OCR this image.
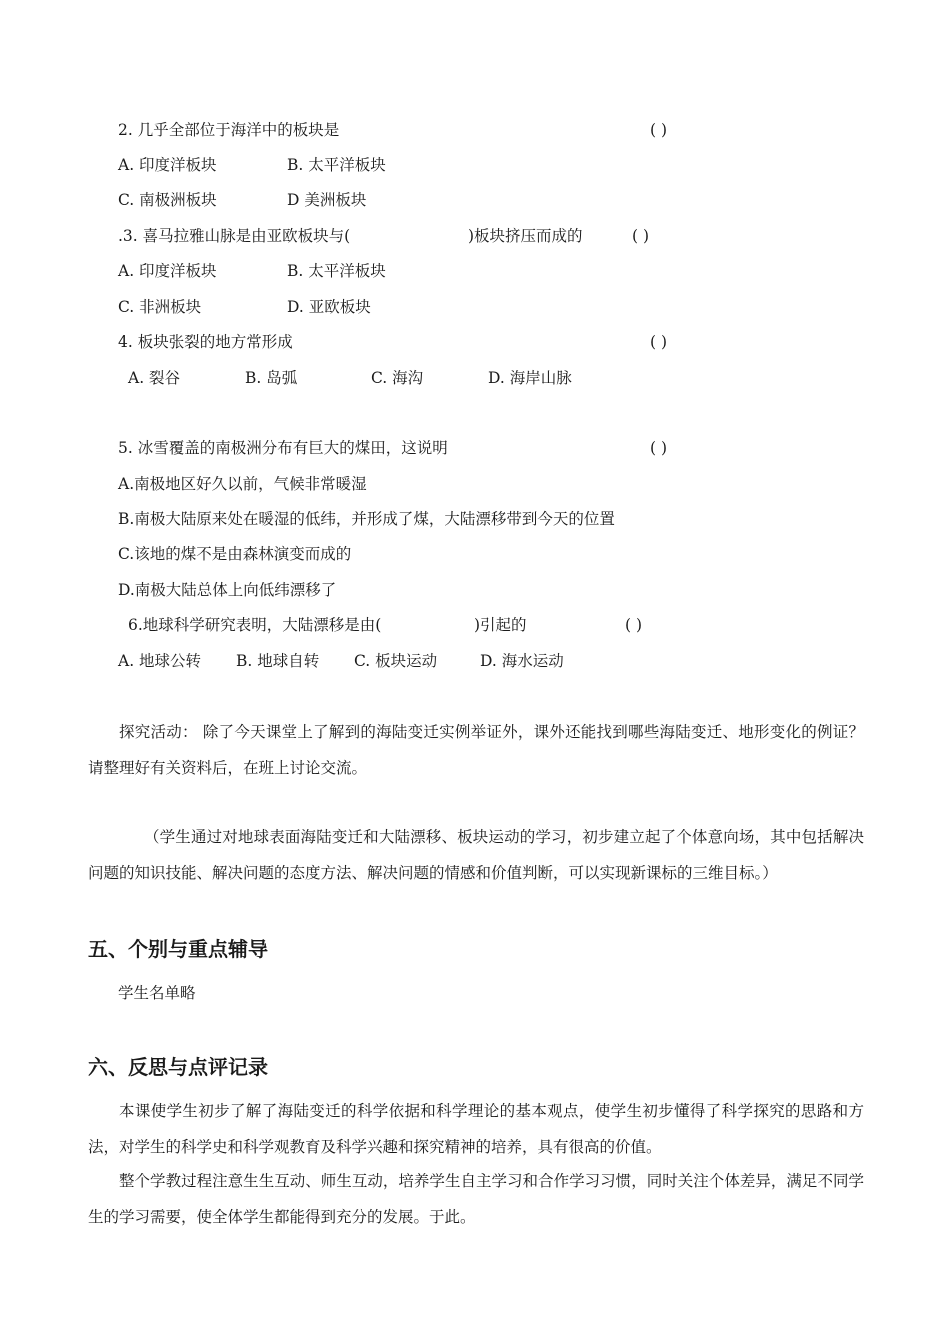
2. 几乎全部位于海洋中的板块是	( )
A. 印度洋板块	B. 太平洋板块
C. 南极洲板块	D 美洲板块
.3. 喜马拉雅山脉是由亚欧板块与(	)板块挤压而成的	( )
A. 印度洋板块	B. 太平洋板块
C. 非洲板块	D. 亚欧板块
4. 板块张裂的地方常形成	( )
A. 裂谷	B. 岛弧	C. 海沟	D. 海岸山脉
5. 冰雪覆盖的南极洲分布有巨大的煤田，这说明	( )
A.南极地区好久以前，气候非常暖湿
B.南极大陆原来处在暖湿的低纬，并形成了煤，大陆漂移带到今天的位置
C.该地的煤不是由森林演变而成的
D.南极大陆总体上向低纬漂移了
6.地球科学研究表明，大陆漂移是由(	)引起的	( )
A. 地球公转 B. 地球自转 C. 板块运动	D. 海水运动
探究活动： 除了今天课堂上了解到的海陆变迁实例举证外，课外还能找到哪些海陆变迁、地形变化的例证？请整理好有关资料后，在班上讨论交流。
（学生通过对地球表面海陆变迁和大陆漂移、板块运动的学习，初步建立起了个体意向场，其中包括解决问题的知识技能、解决问题的态度方法、解决问题的情感和价值判断，可以实现新课标的三维目标。）
五、个别与重点辅导
学生名单略
六、反思与点评记录
本课使学生初步了解了海陆变迁的科学依据和科学理论的基本观点，使学生初步懂得了科学探究的思路和方法，对学生的科学史和科学观教育及科学兴趣和探究精神的培养，具有很高的价值。
整个学教过程注意生生互动、师生互动，培养学生自主学习和合作学习习惯，同时关注个体差异，满足不同学生的学习需要，使全体学生都能得到充分的发展。于此。
